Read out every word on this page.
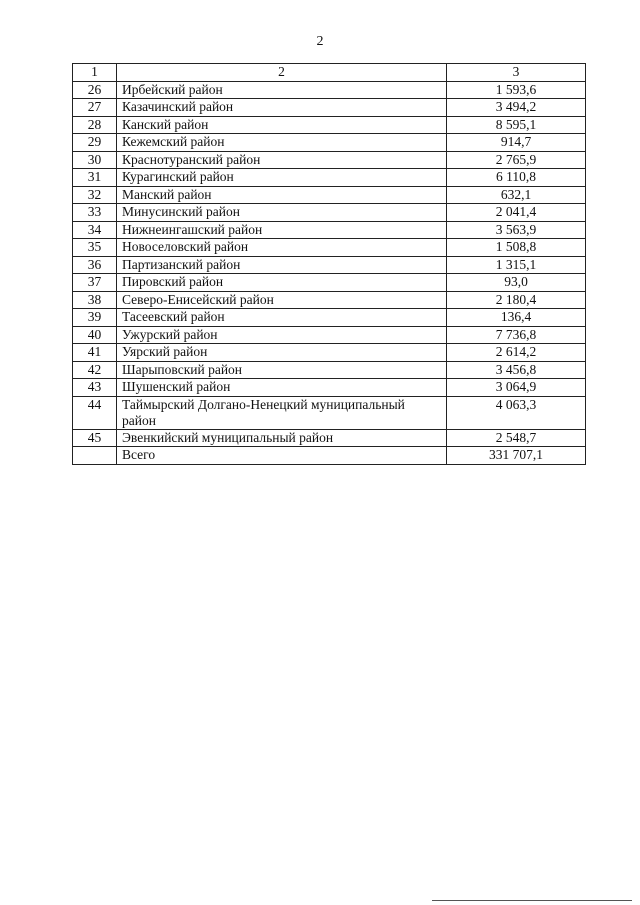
2
1	2	3
26	Ирбейский район	1 593,6
27	Казачинский район	3 494,2
28	Канский район	8 595,1
29	Кежемский район	914,7
30	Краснотуранский район	2 765,9
31	Курагинский район	6 110,8
32	Манский район	632,1
33	Минусинский район	2 041,4
34	Нижнеингашский район	3 563,9
35	Новоселовский район	1 508,8
36	Партизанский район	1 315,1
37	Пировский район	93,0
38	Северо-Енисейский район	2 180,4
39	Тасеевский район	136,4
40	Ужурский район	7 736,8
41	Уярский район	2 614,2
42	Шарыповский район	3 456,8
43	Шушенский район	3 064,9
44	Таймырский Долгано-Ненецкий муниципальный район	4 063,3
45	Эвенкийский муниципальный район	2 548,7
	Всего	331 707,1
